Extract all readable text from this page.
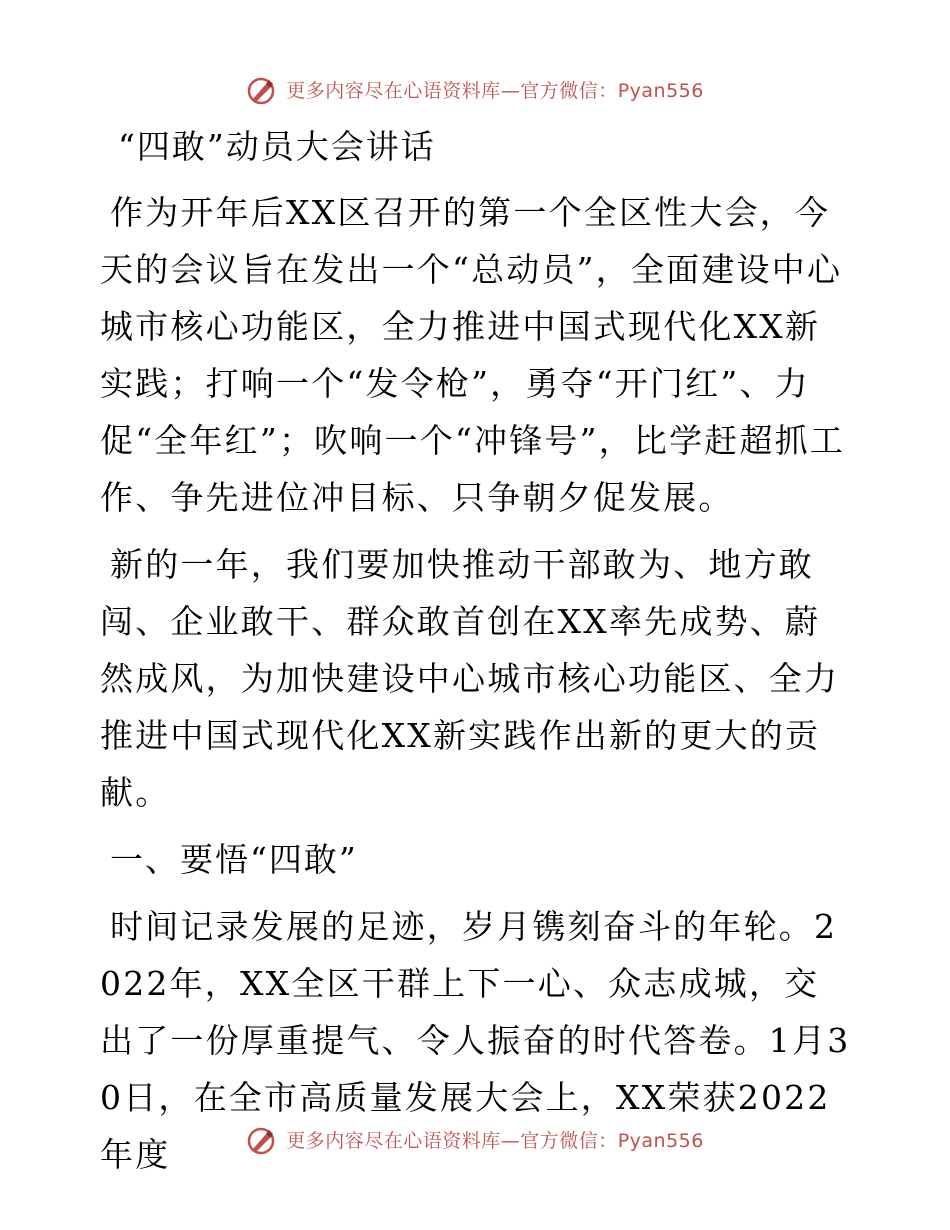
更多内容尽在心语资料库—官方微信：Pyan556
“四敢”动员大会讲话
作为开年后XX区召开的第一个全区性大会，今天的会议旨在发出一个“总动员”，全面建设中心城市核心功能区，全力推进中国式现代化XX新实践；打响一个“发令枪”，勇夺“开门红”、力促“全年红”；吹响一个“冲锋号”，比学赶超抓工作、争先进位冲目标、只争朝夕促发展。
新的一年，我们要加快推动干部敢为、地方敢闯、企业敢干、群众敢首创在XX率先成势、蔚然成风，为加快建设中心城市核心功能区、全力推进中国式现代化XX新实践作出新的更大的贡献。
一、要悟“四敢”
时间记录发展的足迹，岁月镌刻奋斗的年轮。2022年，XX全区干群上下一心、众志成城，交出了一份厚重提气、令人振奋的时代答卷。1月30日，在全市高质量发展大会上，XX荣获2022年度	更多内容尽在心语资料库—官方微信：Pyan556
